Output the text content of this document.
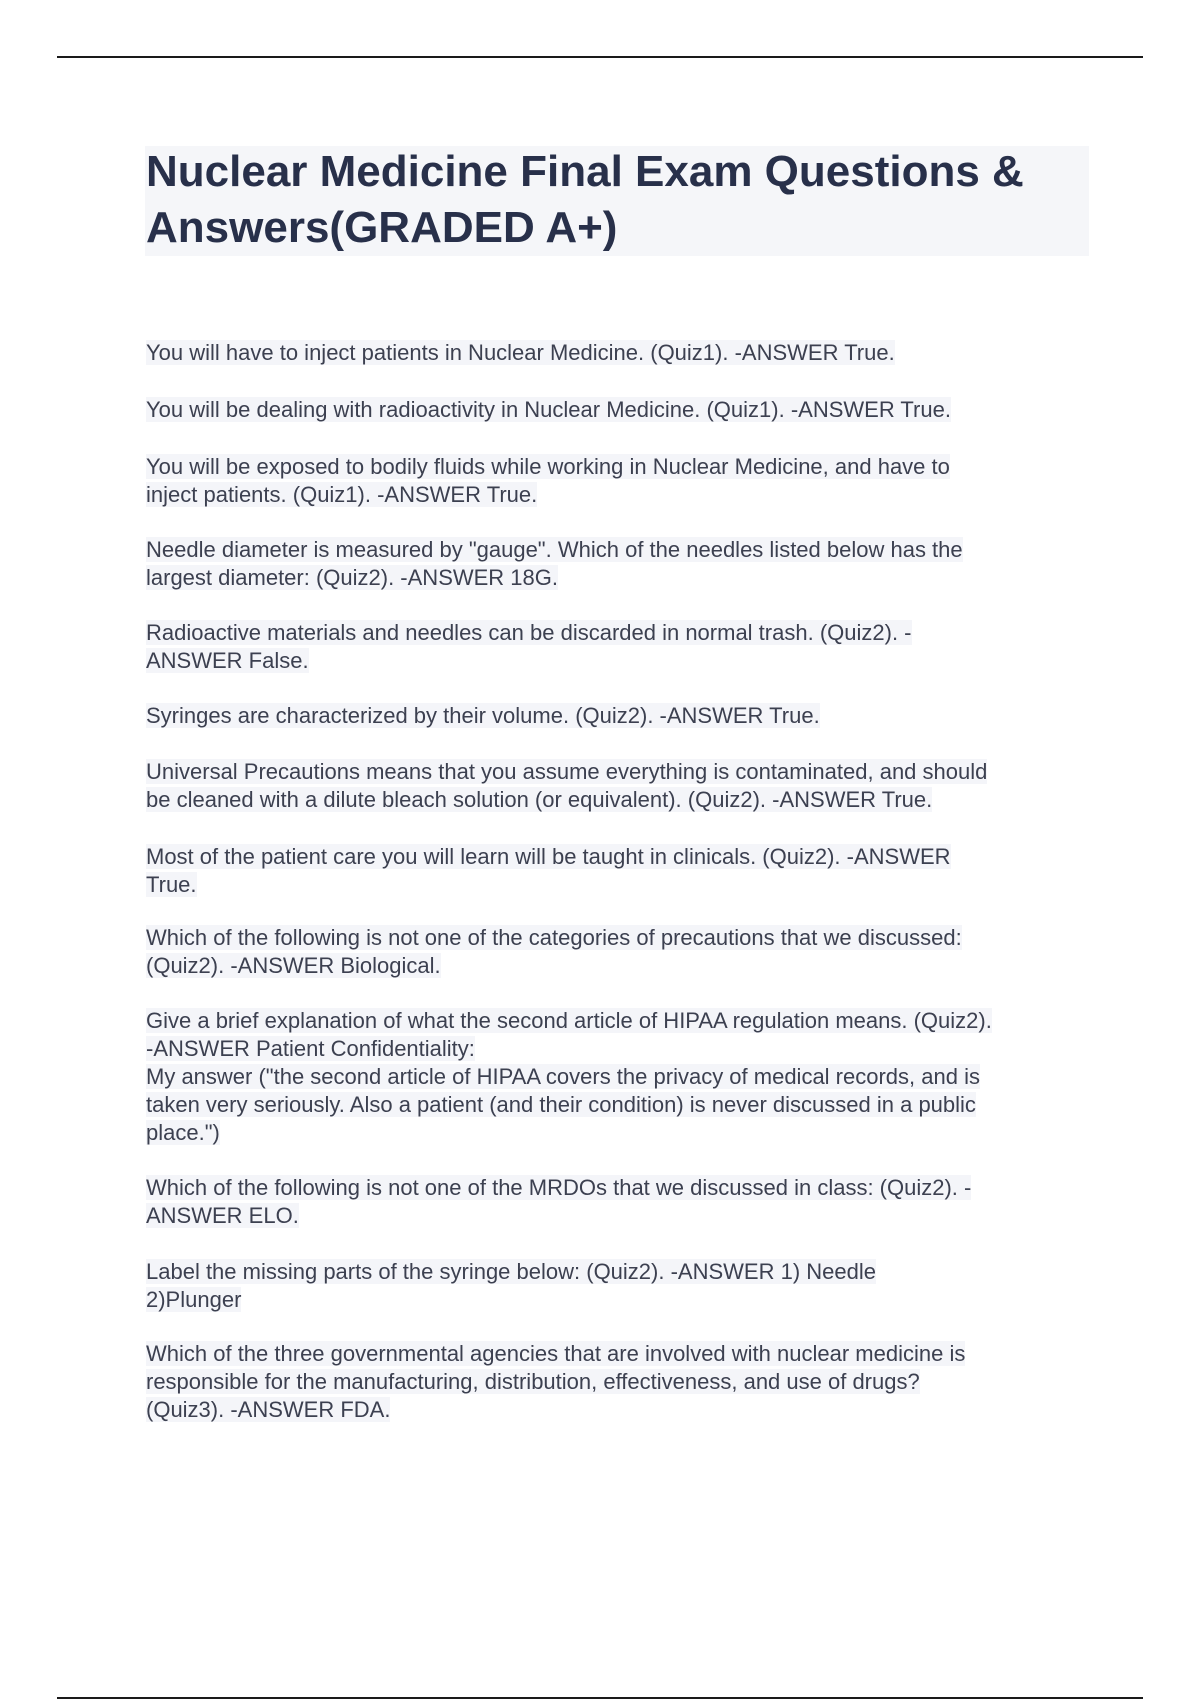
Nuclear Medicine Final Exam Questions & Answers(GRADED A+)
You will have to inject patients in Nuclear Medicine. (Quiz1). -ANSWER True.
You will be dealing with radioactivity in Nuclear Medicine. (Quiz1). -ANSWER True.
You will be exposed to bodily fluids while working in Nuclear Medicine, and have to
inject patients. (Quiz1). -ANSWER True.
Needle diameter is measured by "gauge". Which of the needles listed below has the
largest diameter: (Quiz2). -ANSWER 18G.
Radioactive materials and needles can be discarded in normal trash. (Quiz2). -
ANSWER False.
Syringes are characterized by their volume. (Quiz2). -ANSWER True.
Universal Precautions means that you assume everything is contaminated, and should
be cleaned with a dilute bleach solution (or equivalent). (Quiz2). -ANSWER True.
Most of the patient care you will learn will be taught in clinicals. (Quiz2). -ANSWER
True.
Which of the following is not one of the categories of precautions that we discussed:
(Quiz2). -ANSWER Biological.
Give a brief explanation of what the second article of HIPAA regulation means. (Quiz2).
-ANSWER Patient Confidentiality:
My answer ("the second article of HIPAA covers the privacy of medical records, and is
taken very seriously. Also a patient (and their condition) is never discussed in a public
place.")
Which of the following is not one of the MRDOs that we discussed in class: (Quiz2). -
ANSWER ELO.
Label the missing parts of the syringe below: (Quiz2). -ANSWER 1) Needle
2)Plunger
Which of the three governmental agencies that are involved with nuclear medicine is
responsible for the manufacturing, distribution, effectiveness, and use of drugs?
(Quiz3). -ANSWER FDA.
